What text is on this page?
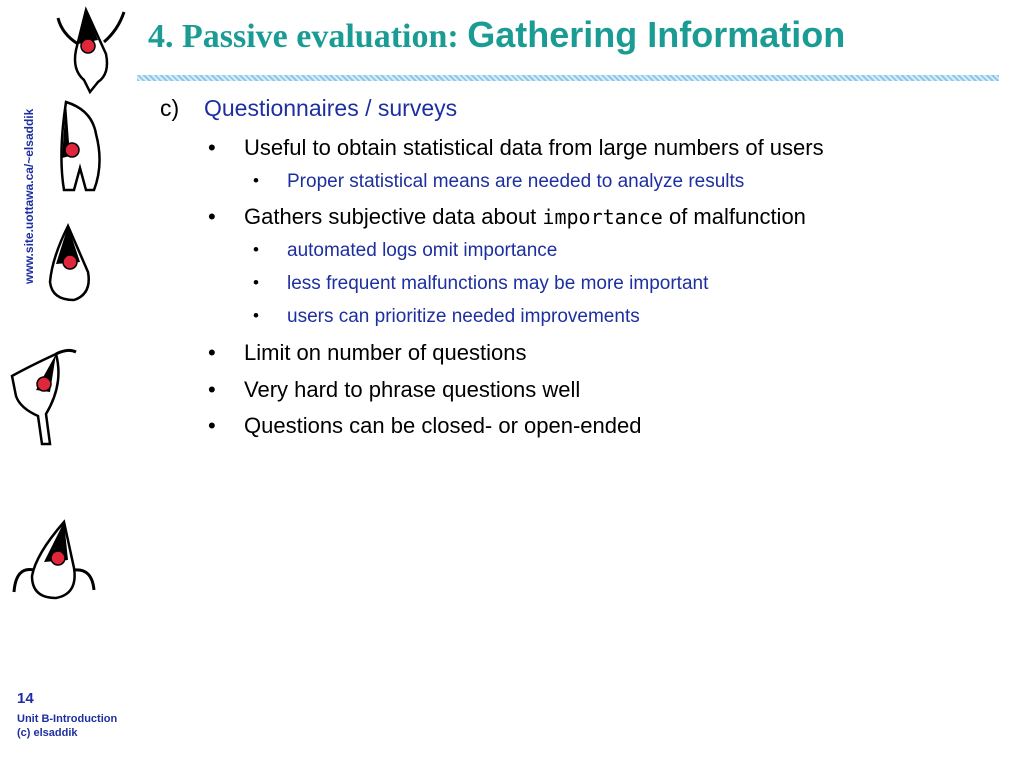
www.site.uottawa.ca/~elsaddik
4. Passive evaluation: Gathering Information
c) Questionnaires / surveys
• Useful to obtain statistical data from large numbers of users
• Proper statistical means are needed to analyze results
• Gathers subjective data about importance of malfunction
• automated logs omit importance
• less frequent malfunctions may be more important
• users can prioritize needed improvements
• Limit on number of questions
• Very hard to phrase questions well
• Questions can be closed- or open-ended
14
Unit B-Introduction
(c) elsaddik
